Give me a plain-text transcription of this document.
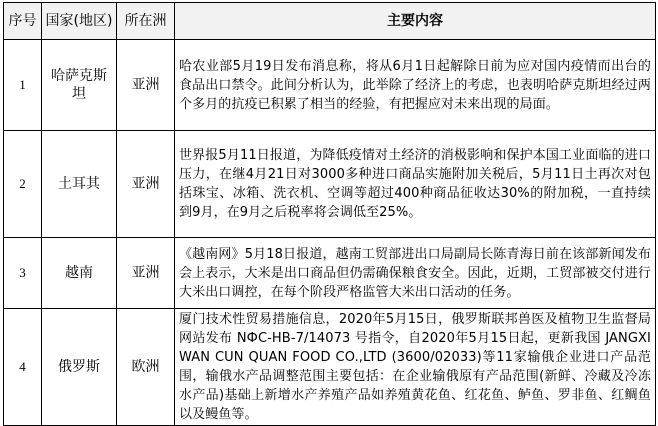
序号	国家(地区)	所在洲	主要内容
1	哈萨克斯坦	亚洲	哈农业部5月19日发布消息称，将从6月1日起解除日前为应对国内疫情而出台的食品出口禁令。此间分析认为，此举除了经济上的考虑，也表明哈萨克斯坦经过两个多月的抗疫已积累了相当的经验，有把握应对未来出现的局面。
2	土耳其	亚洲	世界报5月11日报道，为降低疫情对土经济的消极影响和保护本国工业面临的进口压力，在继4月21日对3000多种进口商品实施附加关税后，5月11日土再次对包括珠宝、冰箱、洗衣机、空调等超过400种商品征收达30%的附加税，一直持续到9月，在9月之后税率将会调低至25%。
3	越南	亚洲	《越南网》5月18日报道，越南工贸部进出口局副局长陈青海日前在该部新闻发布会上表示，大米是出口商品但仍需确保粮食安全。因此，近期，工贸部被交付进行大米出口调控，在每个阶段严格监管大米出口活动的任务。
4	俄罗斯	欧洲	厦门技术性贸易措施信息，2020年5月15日，俄罗斯联邦兽医及植物卫生监督局网站发布 NФC-HB-7/14073 号指令，自2020年5月15日起，更新我国 JANGXI WAN CUN QUAN FOOD CO.,LTD (3600/02033)等11家输俄企业进口产品范围，输俄水产品调整范围主要包括：在企业输俄原有产品范围(新鲜、冷藏及冷冻水产品)基础上新增水产养殖产品如养殖黄花鱼、红花鱼、鲈鱼、罗非鱼、红鲷鱼以及鳗鱼等。
